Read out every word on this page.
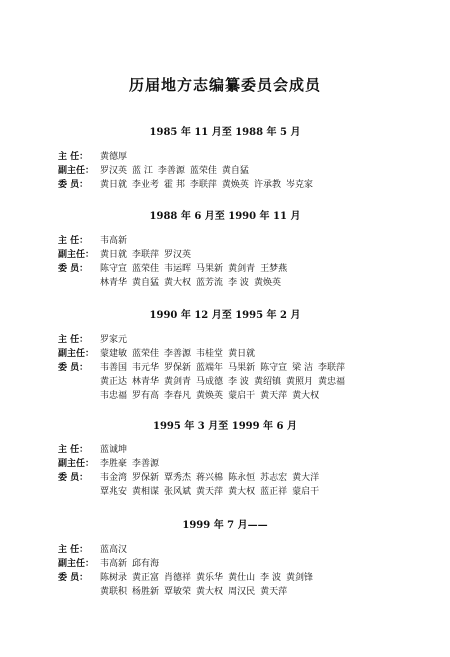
历届地方志编纂委员会成员
1985 年 11 月至 1988 年 5 月
主 任： 黄德厚
副主任： 罗汉英 蓝 江 李善源 蓝荣佳 黄自猛
委 员： 黄日就 李业考 霍 邦 李联萍 黄焕英 许承教 岑克家
1988 年 6 月至 1990 年 11 月
主 任： 韦高新
副主任： 黄日就 李联萍 罗汉英
委 员： 陈守宣 蓝荣佳 韦运晖 马果新 黄剑青 王梦燕
林青华 黄自猛 黄大权 蓝芳流 李 波 黄焕英
1990 年 12 月至 1995 年 2 月
主 任： 罗家元
副主任： 蒙建敏 蓝荣佳 李善源 韦桂堂 黄日就
委 员： 韦善国 韦元华 罗保新 蓝端年 马果新 陈守宣 梁 洁 李联萍
黄正达 林青华 黄剑青 马成德 李 波 黄绍镇 黄照月 黄忠福
韦忠福 罗有高 李春凡 黄焕英 蒙启干 黄天萍 黄大权
1995 年 3 月至 1999 年 6 月
主 任： 蓝诚坤
副主任： 李胜豪 李善源
委 员： 韦金湾 罗保新 覃秀杰 蒋兴棉 陈永恒 苏志宏 黄大洋
覃兆安 黄相谋 张风斌 黄天萍 黄大权 蓝正祥 蒙启干
1999 年 7 月——
主 任： 蓝高汉
副主任： 韦高新 邱有海
委 员： 陈树录 黄正富 肖德祥 黄乐华 黄仕山 李 波 黄剑锋
黄联积 杨胜新 覃敏荣 黄大权 周汉民 黄天萍
